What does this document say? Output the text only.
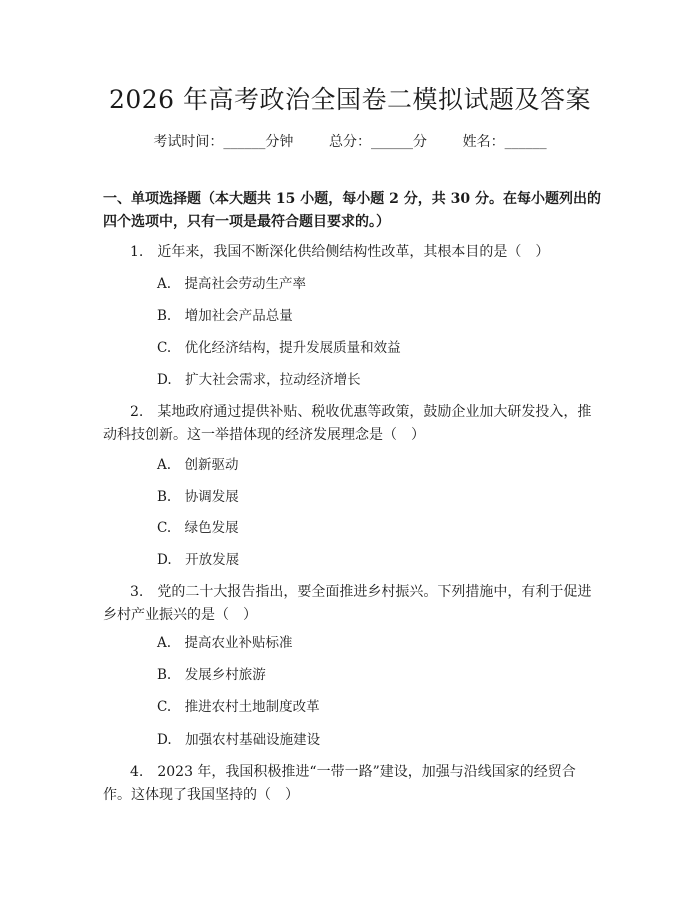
2026 年高考政治全国卷二模拟试题及答案
考试时间：______分钟	总分：______分	姓名：______
一、单项选择题（本大题共 15 小题，每小题 2 分，共 30 分。在每小题列出的四个选项中，只有一项是最符合题目要求的。）
1.　近年来，我国不断深化供给侧结构性改革，其根本目的是（　）
A.　提高社会劳动生产率
B.　增加社会产品总量
C.　优化经济结构，提升发展质量和效益
D.　扩大社会需求，拉动经济增长
2.　某地政府通过提供补贴、税收优惠等政策，鼓励企业加大研发投入，推动科技创新。这一举措体现的经济发展理念是（　）
A.　创新驱动
B.　协调发展
C.　绿色发展
D.　开放发展
3.　党的二十大报告指出，要全面推进乡村振兴。下列措施中，有利于促进乡村产业振兴的是（　）
A.　提高农业补贴标准
B.　发展乡村旅游
C.　推进农村土地制度改革
D.　加强农村基础设施建设
4.　2023 年，我国积极推进“一带一路”建设，加强与沿线国家的经贸合作。这体现了我国坚持的（　）
